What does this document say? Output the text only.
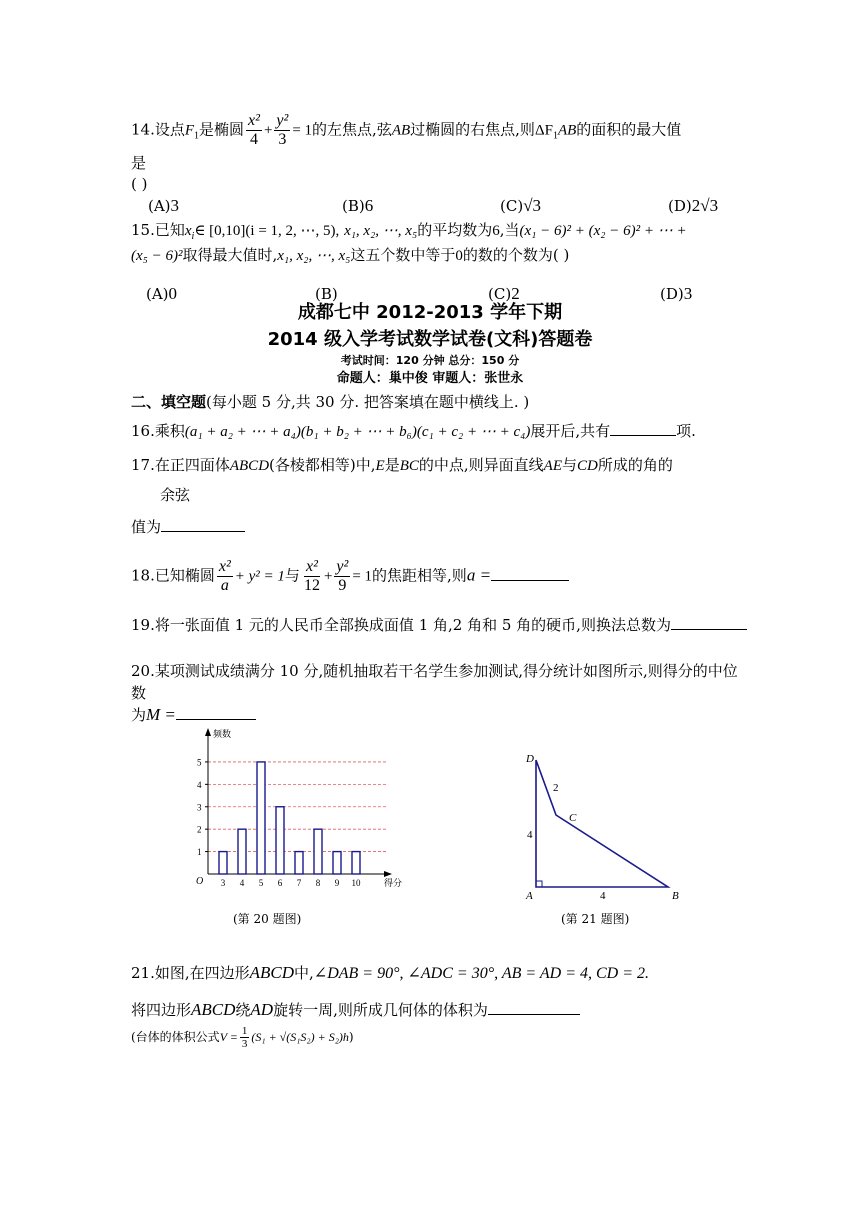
14.设点$F_1$是椭圆 $\frac{\text{x²}}{4} + \frac{\text{y²}}{3} = 1$的左焦点,弦AB过椭圆的右焦点,则$\Delta F_1AB$的面积的最大值
是
( )
(A)3	(B)6	(C)√3	(D)2√3
15.已知$x_i\in$ [0,10](i = 1, 2, ⋯, 5), x₁, x₂, ⋯, x₅的平均数为6,当(x₁ − 6)² + (x₂ − 6)² + ⋯ +
(x₅ − 6)²取得最大值时,x₁, x₂, ⋯, x₅这五个数中等于0的数的个数为( )
(A)0	(B)	(C)2	(D)3
成都七中 2012-2013 学年下期
2014 级入学考试数学试卷(文科)答题卷
考试时间：120 分钟 总分：150 分
命题人：巢中俊 审题人：张世永
二、填空题(每小题 5 分,共 30 分. 把答案填在题中横线上. )
16.乘积(a₁ + a₂ + ⋯ + a₄)(b₁ + b₂ + ⋯ + b₆)(c₁ + c₂ + ⋯ + c₄)展开后,共有	项.
17.在正四面体ABCD(各棱都相等)中,E是BC的中点,则异面直线AE与CD所成的角的
余弦
值为
18.已知椭圆 $\frac{\text{x²}}{a} + y^2 = 1$与 $\frac{\text{x²}}{12} + \frac{\text{y²}}{9} = 1$的焦距相等,则a =
19.将一张面值 1 元的人民币全部换成面值 1 角,2 角和 5 角的硬币,则换法总数为
20.某项测试成绩满分 10 分,随机抽取若干名学生参加测试,得分统计如图所示,则得分的中位
数
为M =
1
2
3
4
5
频数
得分
O 3 4 5 6 7 8 9 10
(第 20 题图)
D
C
A	B
2
4
4
(第 21 题图)
21.如图,在四边形ABCD中,∠DAB = 90°, ∠ADC = 30°, AB = AD = 4, CD = 2.
将四边形ABCD绕AD旋转一周,则所成几何体的体积为
(台体的体积公式$V = \frac{1}{3} (S_1 + √(S_1S_2) + S_2)h$)
